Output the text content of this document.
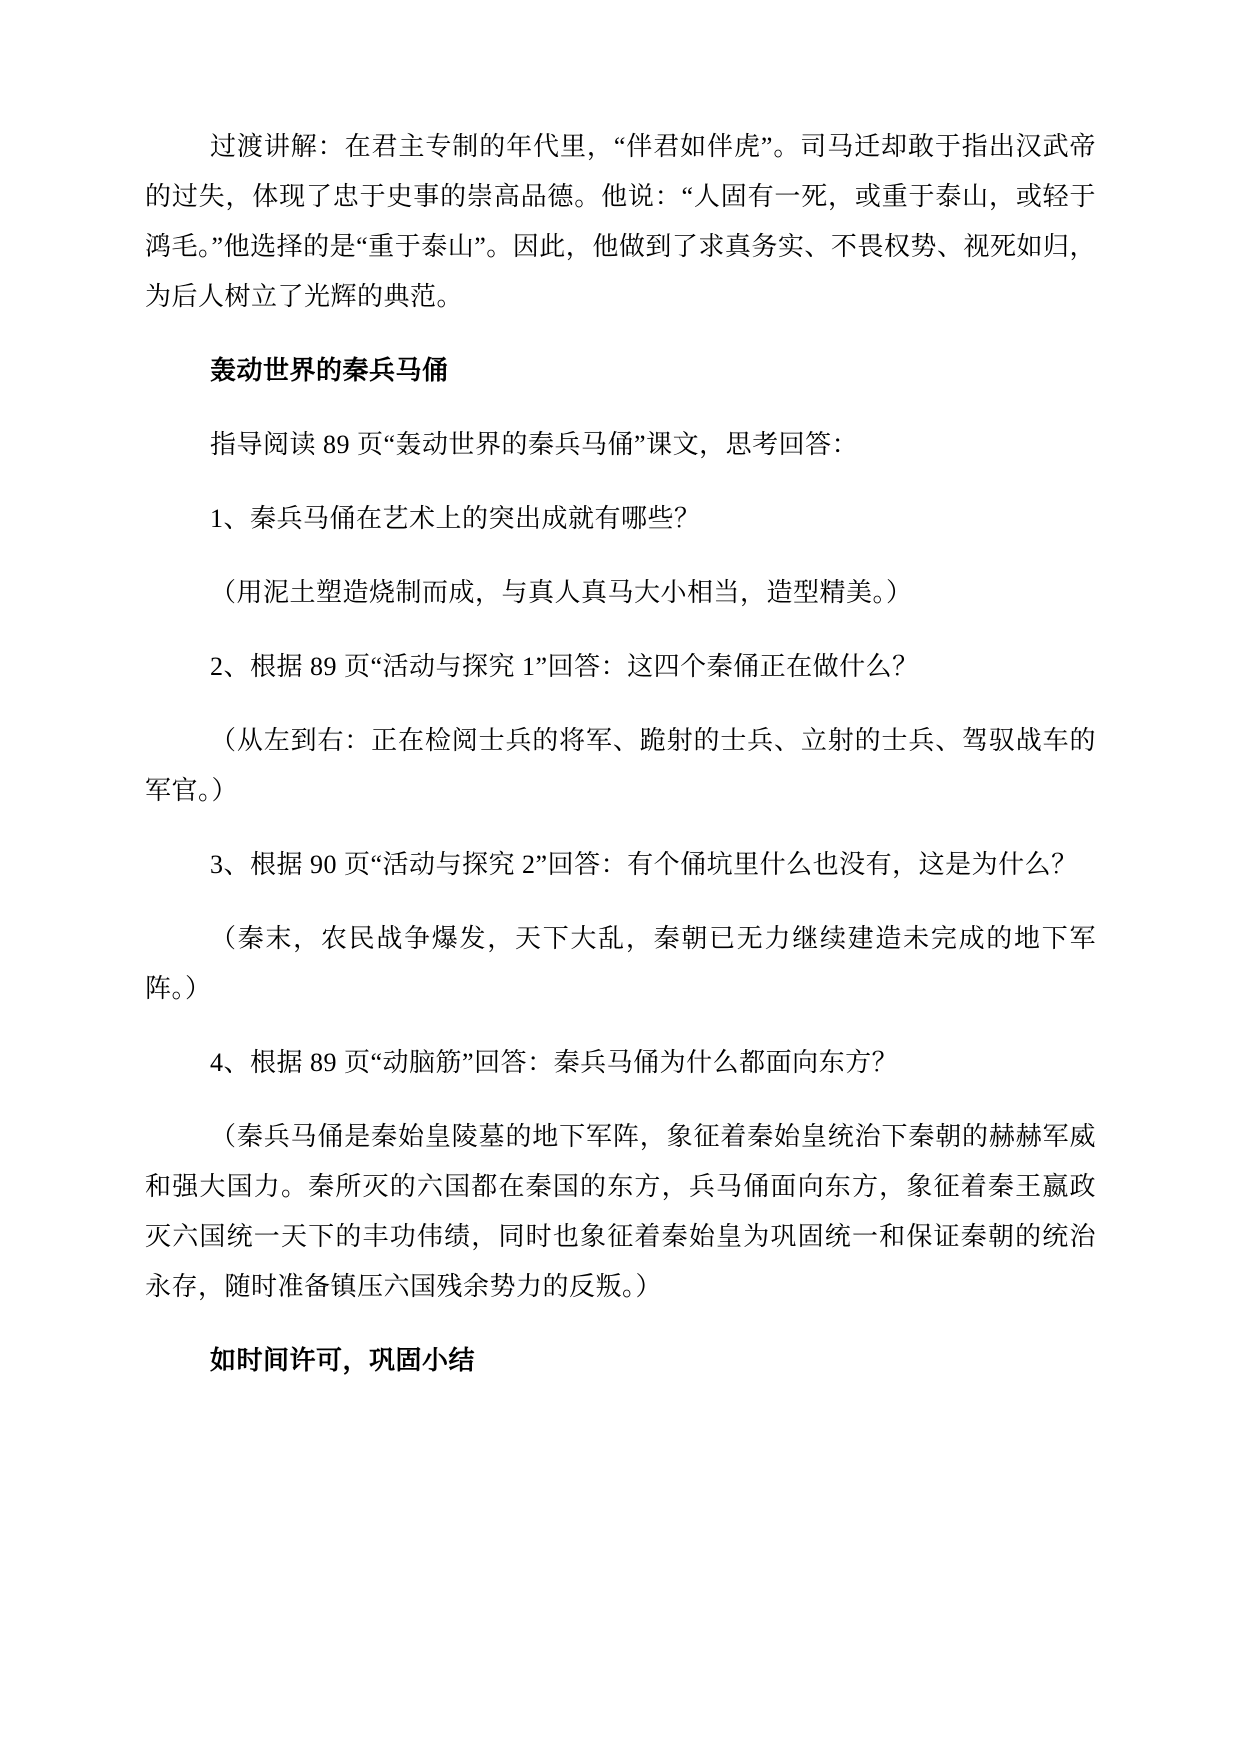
过渡讲解：在君主专制的年代里，“伴君如伴虎”。司马迁却敢于指出汉武帝的过失，体现了忠于史事的崇高品德。他说：“人固有一死，或重于泰山，或轻于鸿毛。”他选择的是“重于泰山”。因此，他做到了求真务实、不畏权势、视死如归，为后人树立了光辉的典范。

轰动世界的秦兵马俑

指导阅读 89 页“轰动世界的秦兵马俑”课文，思考回答：

1、秦兵马俑在艺术上的突出成就有哪些？

（用泥土塑造烧制而成，与真人真马大小相当，造型精美。）

2、根据 89 页“活动与探究 1”回答：这四个秦俑正在做什么？

（从左到右：正在检阅士兵的将军、跪射的士兵、立射的士兵、驾驭战车的军官。）

3、根据 90 页“活动与探究 2”回答：有个俑坑里什么也没有，这是为什么？

（秦末，农民战争爆发，天下大乱，秦朝已无力继续建造未完成的地下军阵。）

4、根据 89 页“动脑筋”回答：秦兵马俑为什么都面向东方？

（秦兵马俑是秦始皇陵墓的地下军阵，象征着秦始皇统治下秦朝的赫赫军威和强大国力。秦所灭的六国都在秦国的东方，兵马俑面向东方，象征着秦王嬴政灭六国统一天下的丰功伟绩，同时也象征着秦始皇为巩固统一和保证秦朝的统治永存，随时准备镇压六国残余势力的反叛。）

如时间许可，巩固小结
